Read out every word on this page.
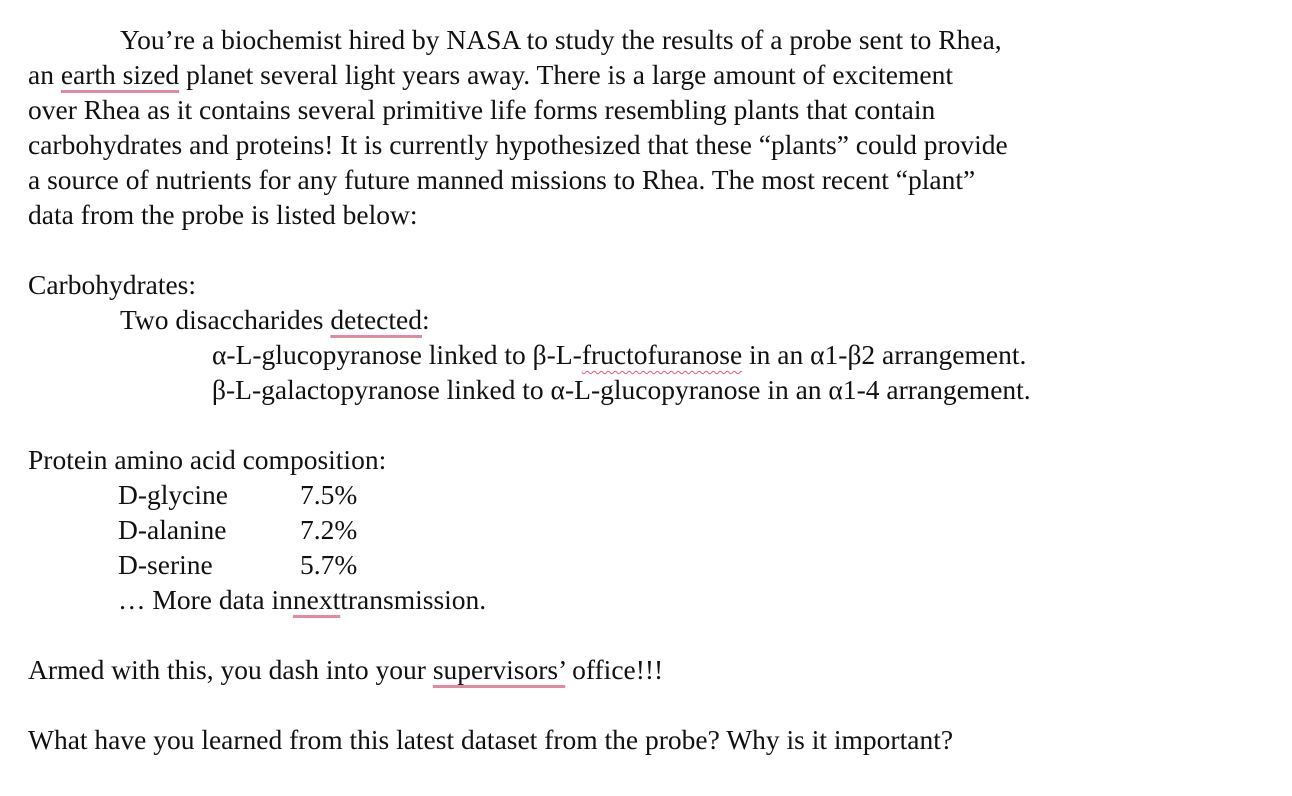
You’re a biochemist hired by NASA to study the results of a probe sent to Rhea,

an earth sized planet several light years away. There is a large amount of excitement

over Rhea as it contains several primitive life forms resembling plants that contain

carbohydrates and proteins! It is currently hypothesized that these “plants” could provide

a source of nutrients for any future manned missions to Rhea. The most recent “plant”

data from the probe is listed below:

Carbohydrates:

Two disaccharides detected:

α-L-glucopyranose linked to β-L-fructofuranose in an α1-β2 arrangement.

β-L-galactopyranose linked to α-L-glucopyranose in an α1-4 arrangement.

Protein amino acid composition:

D-glycine	7.5%
D-alanine	7.2%
D-serine	5.7%
… More data in next transmission.

Armed with this, you dash into your supervisors’ office!!!

What have you learned from this latest dataset from the probe? Why is it important?
